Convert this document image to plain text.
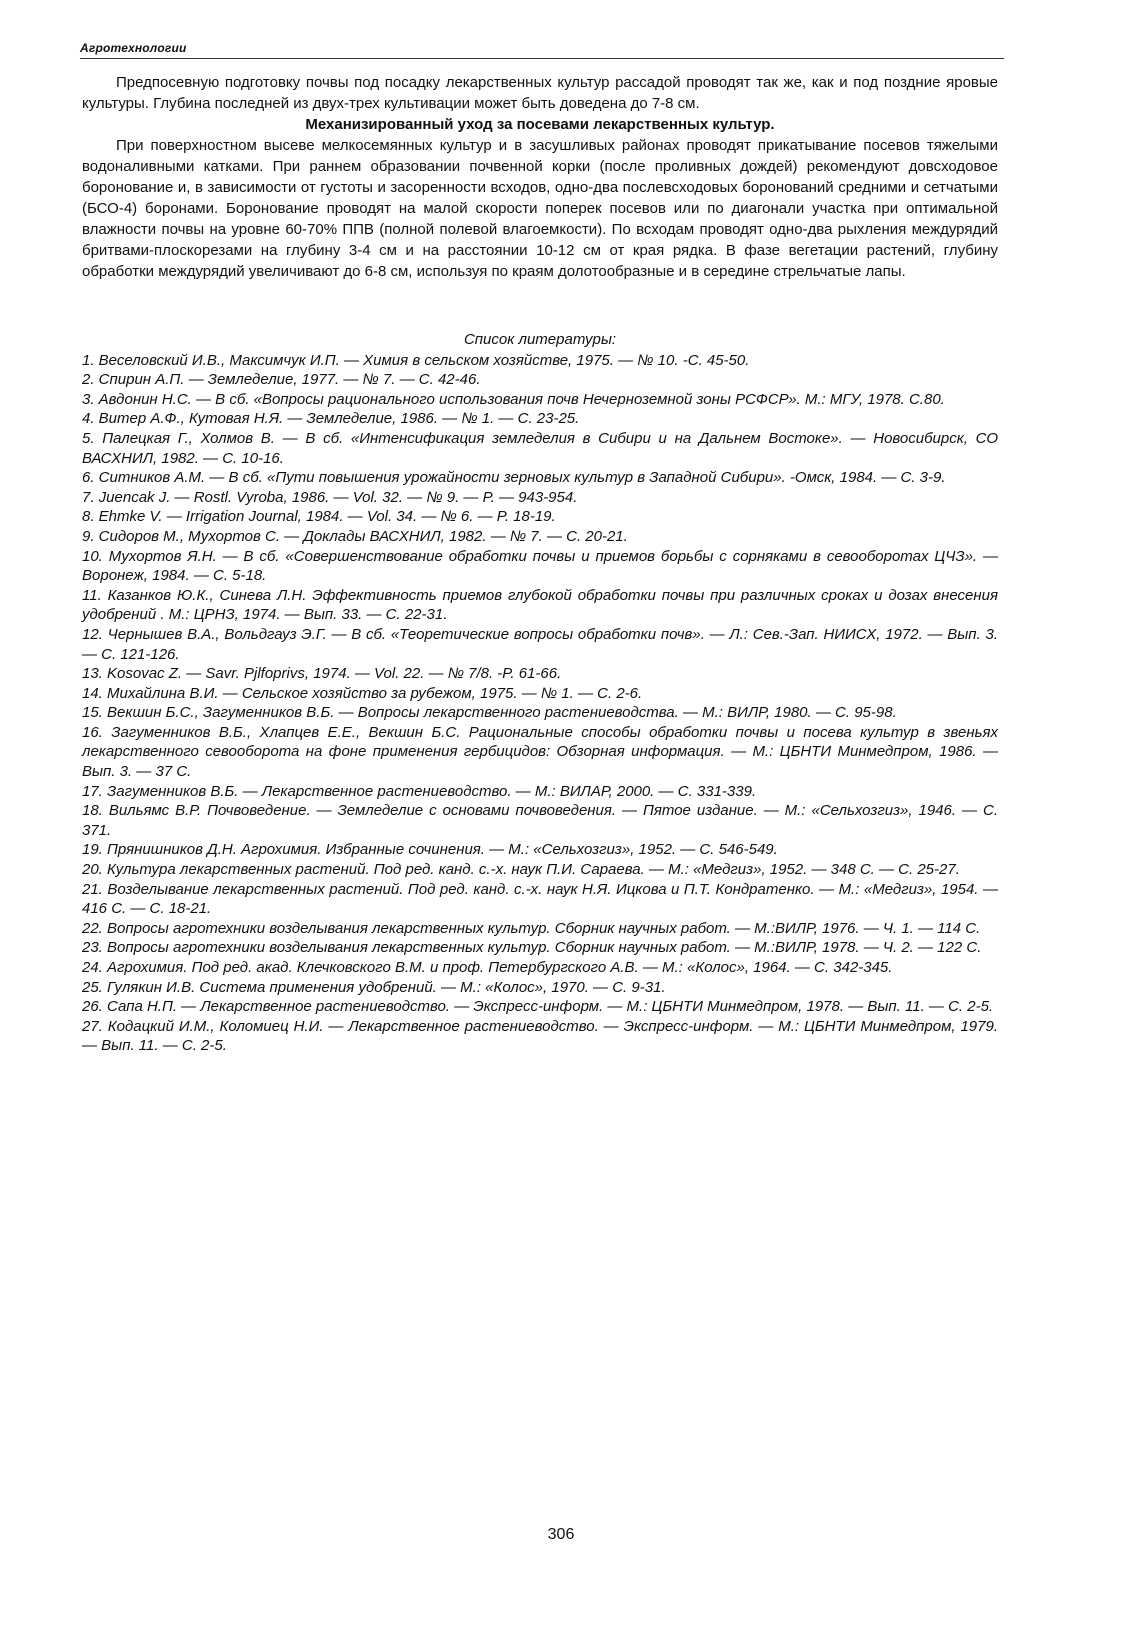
Агротехнологии

Предпосевную подготовку почвы под посадку лекарственных культур рассадой проводят так же, как и под поздние яровые культуры. Глубина последней из двух-трех культивации может быть доведена до 7-8 см.

Механизированный уход за посевами лекарственных культур.

При поверхностном высеве мелкосемянных культур и в засушливых районах проводят прикатывание посевов тяжелыми водоналивными катками. При раннем образовании почвенной корки (после проливных дождей) рекомендуют довсходовое боронование и, в зависимости от густоты и засоренности всходов, одно-два послевсходовых боронований средними и сетчатыми (БСО-4) боронами. Боронование проводят на малой скорости поперек посевов или по диагонали участка при оптимальной влажности почвы на уровне 60-70% ППВ (полной полевой влагоемкости). По всходам проводят одно-два рыхления междурядий бритвами-плоскорезами на глубину 3-4 см и на расстоянии 10-12 см от края рядка. В фазе вегетации растений, глубину обработки междурядий увеличивают до 6-8 см, используя по краям долотообразные и в середине стрельчатые лапы.

Список литературы:
1. Веселовский И.В., Максимчук И.П. — Химия в сельском хозяйстве, 1975. — № 10. -С. 45-50.
2. Спирин А.П. — Земледелие, 1977. — № 7. — С. 42-46.
3. Авдонин Н.С. — В сб. «Вопросы рационального использования почв Нечерноземной зоны РСФСР». М.: МГУ, 1978. С.80.
4. Витер А.Ф., Кутовая Н.Я. — Земледелие, 1986. — № 1. — С. 23-25.
5. Палецкая Г., Холмов В. — В сб. «Интенсификация земледелия в Сибири и на Дальнем Востоке». — Новосибирск, СО ВАСХНИЛ, 1982. — С. 10-16.
6. Ситников А.М. — В сб. «Пути повышения урожайности зерновых культур в Западной Сибири». -Омск, 1984. — С. 3-9.
7. Juencak J. — Rostl. Vyroba, 1986. — Vol. 32. — № 9. — P. — 943-954.
8. Ehmke V. — Irrigation Journal, 1984. — Vol. 34. — № 6. — P. 18-19.
9. Сидоров М., Мухортов С. — Доклады ВАСХНИЛ, 1982. — № 7. — С. 20-21.
10. Мухортов Я.Н. — В сб. «Совершенствование обработки почвы и приемов борьбы с сорняками в севооборотах ЦЧЗ». — Воронеж, 1984. — С. 5-18.
11. Казанков Ю.К., Синева Л.Н. Эффективность приемов глубокой обработки почвы при различных сроках и дозах внесения удобрений . М.: ЦРНЗ, 1974. — Вып. 33. — С. 22-31.
12. Чернышев В.А., Вольдгауз Э.Г. — В сб. «Теоретические вопросы обработки почв». — Л.: Сев.-Зап. НИИСХ, 1972. — Вып. 3. — С. 121-126.
13. Kosovac Z. — Savr. Pjlfoprivs, 1974. — Vol. 22. — № 7/8. -P. 61-66.
14. Михайлина В.И. — Сельское хозяйство за рубежом, 1975. — № 1. — С. 2-6.
15. Векшин Б.С., Загуменников В.Б. — Вопросы лекарственного растениеводства. — М.: ВИЛР, 1980. — С. 95-98.
16. Загуменников В.Б., Хлапцев Е.Е., Векшин Б.С. Рациональные способы обработки почвы и посева культур в звеньях лекарственного севооборота на фоне применения гербицидов: Обзорная информация. — М.: ЦБНТИ Минмедпром, 1986. — Вып. 3. — 37 С.
17. Загуменников В.Б. — Лекарственное растениеводство. — М.: ВИЛАР, 2000. — С. 331-339.
18. Вильямс В.Р. Почвоведение. — Земледелие с основами почвоведения. — Пятое издание. — М.: «Сельхозгиз», 1946. — С. 371.
19. Прянишников Д.Н. Агрохимия. Избранные сочинения. — М.: «Сельхозгиз», 1952. — С. 546-549.
20. Культура лекарственных растений. Под ред. канд. с.-х. наук П.И. Сараева. — М.: «Медгиз», 1952. — 348 С. — С. 25-27.
21. Возделывание лекарственных растений. Под ред. канд. с.-х. наук Н.Я. Ицкова и П.Т. Кондратенко. — М.: «Медгиз», 1954. — 416 С. — С. 18-21.
22. Вопросы агротехники возделывания лекарственных культур. Сборник научных работ. — М.:ВИЛР, 1976. — Ч. 1. — 114 С.
23. Вопросы агротехники возделывания лекарственных культур. Сборник научных работ. — М.:ВИЛР, 1978. — Ч. 2. — 122 С.
24. Агрохимия. Под ред. акад. Клечковского В.М. и проф. Петербургского А.В. — М.: «Колос», 1964. — С. 342-345.
25. Гулякин И.В. Система применения удобрений. — М.: «Колос», 1970. — С. 9-31.
26. Сапа Н.П. — Лекарственное растениеводство. — Экспресс-информ. — М.: ЦБНТИ Минмедпром, 1978. — Вып. 11. — С. 2-5.
27. Кодацкий И.М., Коломиец Н.И. — Лекарственное растениеводство. — Экспресс-информ. — М.: ЦБНТИ Минмедпром, 1979. — Вып. 11. — С. 2-5.
306
